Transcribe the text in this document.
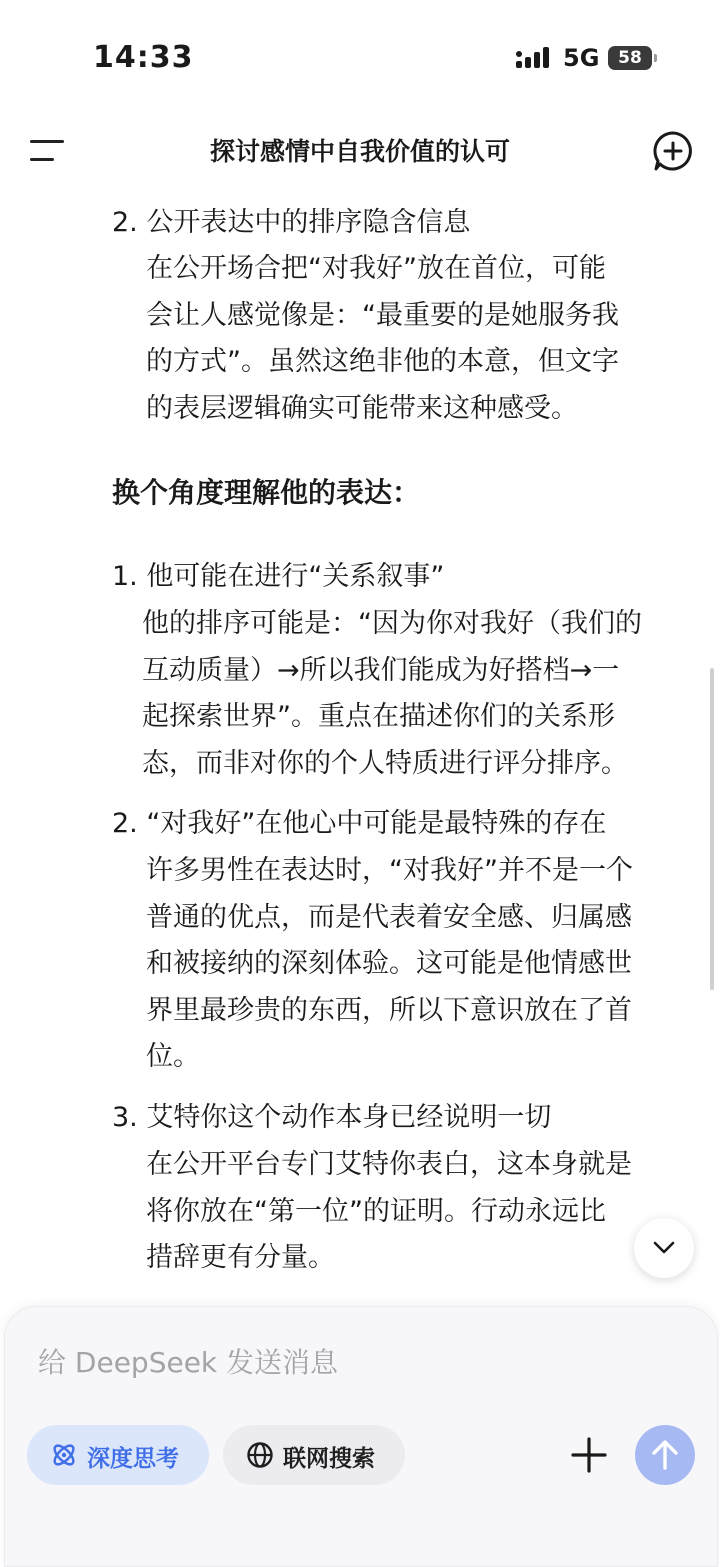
14:33	5G	58
探讨感情中自我价值的认可
2. 公开表达中的排序隐含信息
在公开场合把“对我好”放在首位，可能
会让人感觉像是：“最重要的是她服务我
的方式”。虽然这绝非他的本意，但文字
的表层逻辑确实可能带来这种感受。
换个角度理解他的表达：
1. 他可能在进行“关系叙事”
他的排序可能是：“因为你对我好（我们的
互动质量）→所以我们能成为好搭档→一
起探索世界”。重点在描述你们的关系形
态，而非对你的个人特质进行评分排序。
2. “对我好”在他心中可能是最特殊的存在
许多男性在表达时，“对我好”并不是一个
普通的优点，而是代表着安全感、归属感
和被接纳的深刻体验。这可能是他情感世
界里最珍贵的东西，所以下意识放在了首
位。
3. 艾特你这个动作本身已经说明一切
在公开平台专门艾特你表白，这本身就是
将你放在“第一位”的证明。行动永远比
措辞更有分量。
给 DeepSeek 发送消息
深度思考	联网搜索
